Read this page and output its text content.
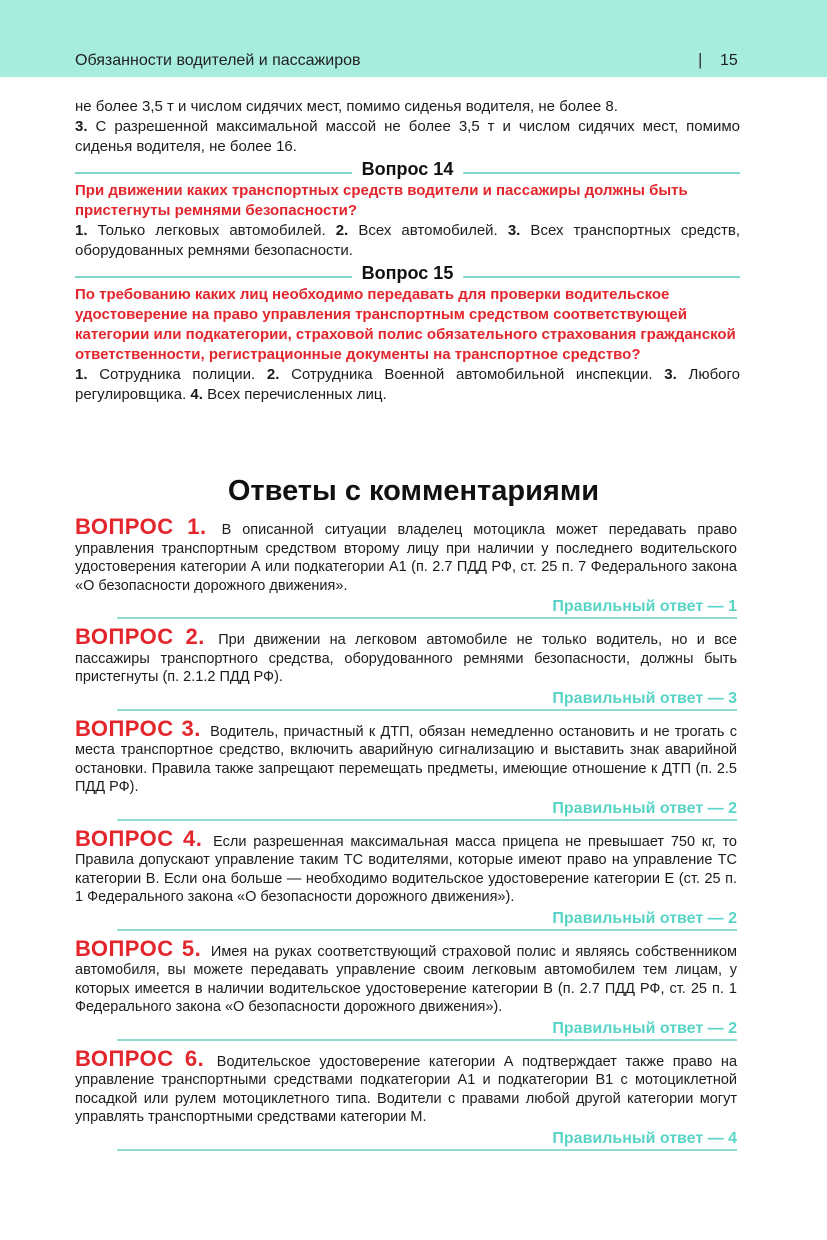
Обязанности водителей и пассажиров	| 15

не более 3,5 т и числом сидячих мест, помимо сиденья водителя, не более 8.
3. С разрешенной максимальной массой не более 3,5 т и числом сидячих мест, помимо сиденья водителя, не более 16.

Вопрос 14

При движении каких транспортных средств водители и пассажиры должны быть пристегнуты ремнями безопасности?

1. Только легковых автомобилей. 2. Всех автомобилей. 3. Всех транспортных средств, оборудованных ремнями безопасности.

Вопрос 15

По требованию каких лиц необходимо передавать для проверки водительское удостоверение на право управления транспортным средством соответствующей категории или подкатегории, страховой полис обязательного страхования гражданской ответственности, регистрационные документы на транспортное средство?

1. Сотрудника полиции. 2. Сотрудника Военной автомобильной инспекции. 3. Любого регулировщика. 4. Всех перечисленных лиц.

Ответы с комментариями

ВОПРОС 1. В описанной ситуации владелец мотоцикла может передавать право управления транспортным средством второму лицу при наличии у последнего водительского удостоверения категории А или подкатегории А1 (п. 2.7 ПДД РФ, ст. 25 п. 7 Федерального закона «О безопасности дорожного движения».

Правильный ответ — 1

ВОПРОС 2. При движении на легковом автомобиле не только водитель, но и все пассажиры транспортного средства, оборудованного ремнями безопасности, должны быть пристегнуты (п. 2.1.2 ПДД РФ).

Правильный ответ — 3

ВОПРОС 3. Водитель, причастный к ДТП, обязан немедленно остановить и не трогать с места транспортное средство, включить аварийную сигнализацию и выставить знак аварийной остановки. Правила также запрещают перемещать предметы, имеющие отношение к ДТП (п. 2.5 ПДД РФ).

Правильный ответ — 2

ВОПРОС 4. Если разрешенная максимальная масса прицепа не превышает 750 кг, то Правила допускают управление таким ТС водителями, которые имеют право на управление ТС категории В. Если она больше — необходимо водительское удостоверение категории Е (ст. 25 п. 1 Федерального закона «О безопасности дорожного движения»).

Правильный ответ — 2

ВОПРОС 5. Имея на руках соответствующий страховой полис и являясь собственником автомобиля, вы можете передавать управление своим легковым автомобилем тем лицам, у которых имеется в наличии водительское удостоверение категории В (п. 2.7 ПДД РФ, ст. 25 п. 1 Федерального закона «О безопасности дорожного движения»).

Правильный ответ — 2

ВОПРОС 6. Водительское удостоверение категории А подтверждает также право на управление транспортными средствами подкатегории А1 и подкатегории В1 с мотоциклетной посадкой или рулем мотоциклетного типа. Водители с правами любой другой категории могут управлять транспортными средствами категории М.

Правильный ответ — 4
